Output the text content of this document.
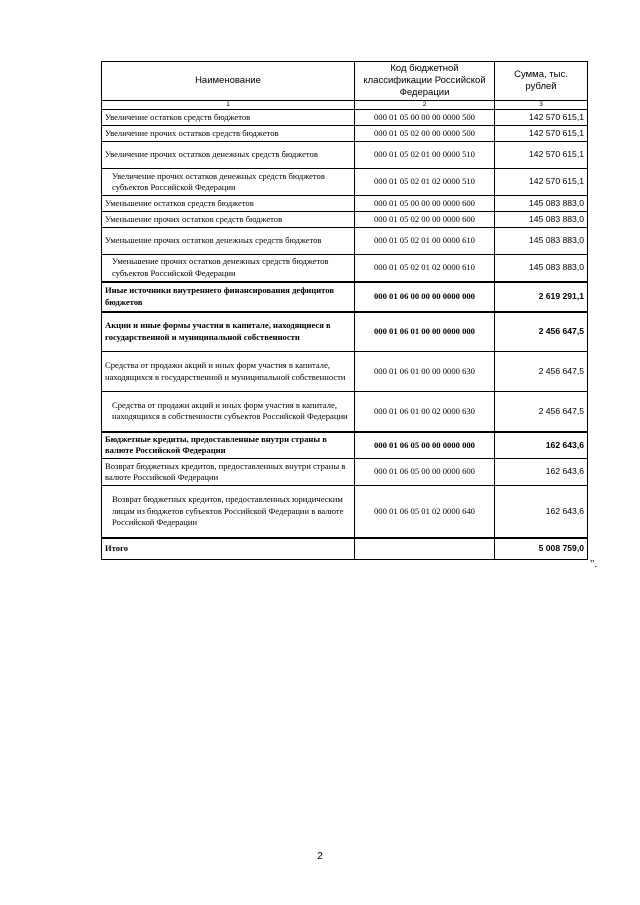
Наименование	Код бюджетной классификации Российской Федерации	Сумма, тыс. рублей
1	2	3
Увеличение остатков средств бюджетов	000 01 05 00 00 00 0000 500	142 570 615,1
Увеличение прочих остатков средств бюджетов	000 01 05 02 00 00 0000 500	142 570 615,1
Увеличение прочих остатков денежных средств бюджетов	000 01 05 02 01 00 0000 510	142 570 615,1
Увеличение прочих остатков денежных средств бюджетов субъектов Российской Федерации	000 01 05 02 01 02 0000 510	142 570 615,1
Уменьшение остатков средств бюджетов	000 01 05 00 00 00 0000 600	145 083 883,0
Уменьшение прочих остатков средств бюджетов	000 01 05 02 00 00 0000 600	145 083 883,0
Уменьшение прочих остатков денежных средств бюджетов	000 01 05 02 01 00 0000 610	145 083 883,0
Уменьшение прочих остатков денежных средств бюджетов субъектов Российской Федерации	000 01 05 02 01 02 0000 610	145 083 883,0
Иные источники внутреннего финансирования дефицитов бюджетов	000 01 06 00 00 00 0000 000	2 619 291,1
Акции и иные формы участия в капитале, находящиеся в государственной и муниципальной собственности	000 01 06 01 00 00 0000 000	2 456 647,5
Средства от продажи акций и иных форм участия в капитале, находящихся в государственной и муниципальной собственности	000 01 06 01 00 00 0000 630	2 456 647,5
Средства от продажи акций и иных форм участия в капитале, находящихся в собственности субъектов Российской Федерации	000 01 06 01 00 02 0000 630	2 456 647,5
Бюджетные кредиты, предоставленные внутри страны в валюте Российской Федерации	000 01 06 05 00 00 0000 000	162 643,6
Возврат бюджетных кредитов, предоставленных внутри страны в валюте Российской Федерации	000 01 06 05 00 00 0000 600	162 643,6
Возврат бюджетных кредитов, предоставленных юридическим лицам из бюджетов субъектов Российской Федерации в валюте Российской Федерации	000 01 06 05 01 02 0000 640	162 643,6
Итого		5 008 759,0
".
2
